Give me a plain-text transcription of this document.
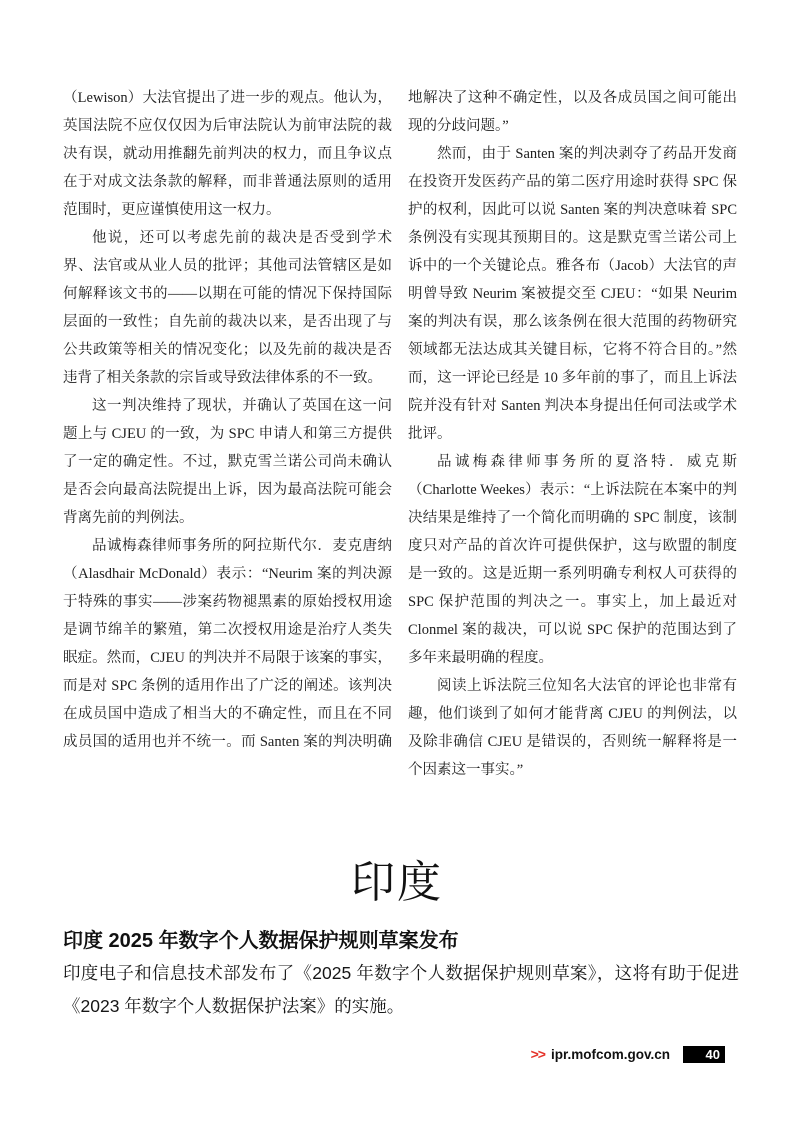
（Lewison）大法官提出了进一步的观点。他认为，英国法院不应仅仅因为后审法院认为前审法院的裁决有误，就动用推翻先前判决的权力，而且争议点在于对成文法条款的解释，而非普通法原则的适用范围时，更应谨慎使用这一权力。

他说，还可以考虑先前的裁决是否受到学术界、法官或从业人员的批评；其他司法管辖区是如何解释该文书的——以期在可能的情况下保持国际层面的一致性；自先前的裁决以来，是否出现了与公共政策等相关的情况变化；以及先前的裁决是否违背了相关条款的宗旨或导致法律体系的不一致。

这一判决维持了现状，并确认了英国在这一问题上与 CJEU 的一致，为 SPC 申请人和第三方提供了一定的确定性。不过，默克雪兰诺公司尚未确认是否会向最高法院提出上诉，因为最高法院可能会背离先前的判例法。

品诚梅森律师事务所的阿拉斯代尔．麦克唐纳（Alasdhair McDonald）表示：“Neurim 案的判决源于特殊的事实——涉案药物褪黑素的原始授权用途是调节绵羊的繁殖，第二次授权用途是治疗人类失眠症。然而，CJEU 的判决并不局限于该案的事实，而是对 SPC 条例的适用作出了广泛的阐述。该判决在成员国中造成了相当大的不确定性，而且在不同成员国的适用也并不统一。而 Santen 案的判决明确地解决了这种不确定性，以及各成员国之间可能出现的分歧问题。”

然而，由于 Santen 案的判决剥夺了药品开发商在投资开发医药产品的第二医疗用途时获得 SPC 保护的权利，因此可以说 Santen 案的判决意味着 SPC 条例没有实现其预期目的。这是默克雪兰诺公司上诉中的一个关键论点。雅各布（Jacob）大法官的声明曾导致 Neurim 案被提交至 CJEU：“如果 Neurim 案的判决有误，那么该条例在很大范围的药物研究领域都无法达成其关键目标，它将不符合目的。”然而，这一评论已经是 10 多年前的事了，而且上诉法院并没有针对 Santen 判决本身提出任何司法或学术批评。

品诚梅森律师事务所的夏洛特．威克斯（Charlotte Weekes）表示：“上诉法院在本案中的判决结果是维持了一个简化而明确的 SPC 制度，该制度只对产品的首次许可提供保护，这与欧盟的制度是一致的。这是近期一系列明确专利权人可获得的 SPC 保护范围的判决之一。事实上，加上最近对 Clonmel 案的裁决，可以说 SPC 保护的范围达到了多年来最明确的程度。

阅读上诉法院三位知名大法官的评论也非常有趣，他们谈到了如何才能背离 CJEU 的判例法，以及除非确信 CJEU 是错误的，否则统一解释将是一个因素这一事实。”

印度
印度 2025 年数字个人数据保护规则草案发布
印度电子和信息技术部发布了《2025 年数字个人数据保护规则草案》，这将有助于促进《2023 年数字个人数据保护法案》的实施。
>> ipr.mofcom.gov.cn	40
